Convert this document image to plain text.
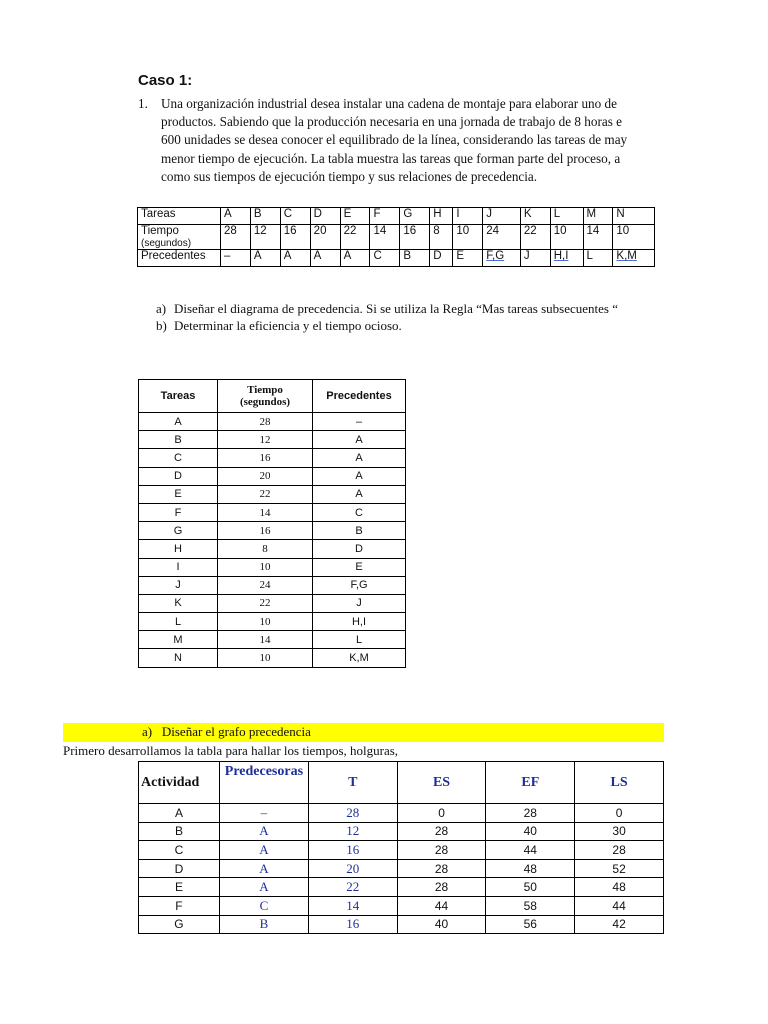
Caso 1:
1. Una organización industrial desea instalar una cadena de montaje para elaborar uno de
productos. Sabiendo que la producción necesaria en una jornada de trabajo de 8 horas e
600 unidades se desea conocer el equilibrado de la línea, considerando las tareas de may
menor tiempo de ejecución. La tabla muestra las tareas que forman parte del proceso, a
como sus tiempos de ejecución tiempo y sus relaciones de precedencia.
Tareas	A	B	C	D	E	F	G	H	I	J	K	L	M	N
Tiempo
(segundos)	28	12	16	20	22	14	16	8	10	24	22	10	14	10
Precedentes	–	A	A	A	A	C	B	D	E	F,G	J	H,I	L	K,M
a) Diseñar el diagrama de precedencia. Si se utiliza la Regla “Mas tareas subsecuentes “
b) Determinar la eficiencia y el tiempo ocioso.
Tareas	Tiempo
(segundos)	Precedentes
A	28	–
B	12	A
C	16	A
D	20	A
E	22	A
F	14	C
G	16	B
H	8	D
I	10	E
J	24	F,G
K	22	J
L	10	H,I
M	14	L
N	10	K,M
a) Diseñar el grafo precedencia
Primero desarrollamos la tabla para hallar los tiempos, holguras,
Actividad	Predecesoras	T	ES	EF	LS
A	–	28	0	28	0
B	A	12	28	40	30
C	A	16	28	44	28
D	A	20	28	48	52
E	A	22	28	50	48
F	C	14	44	58	44
G	B	16	40	56	42
